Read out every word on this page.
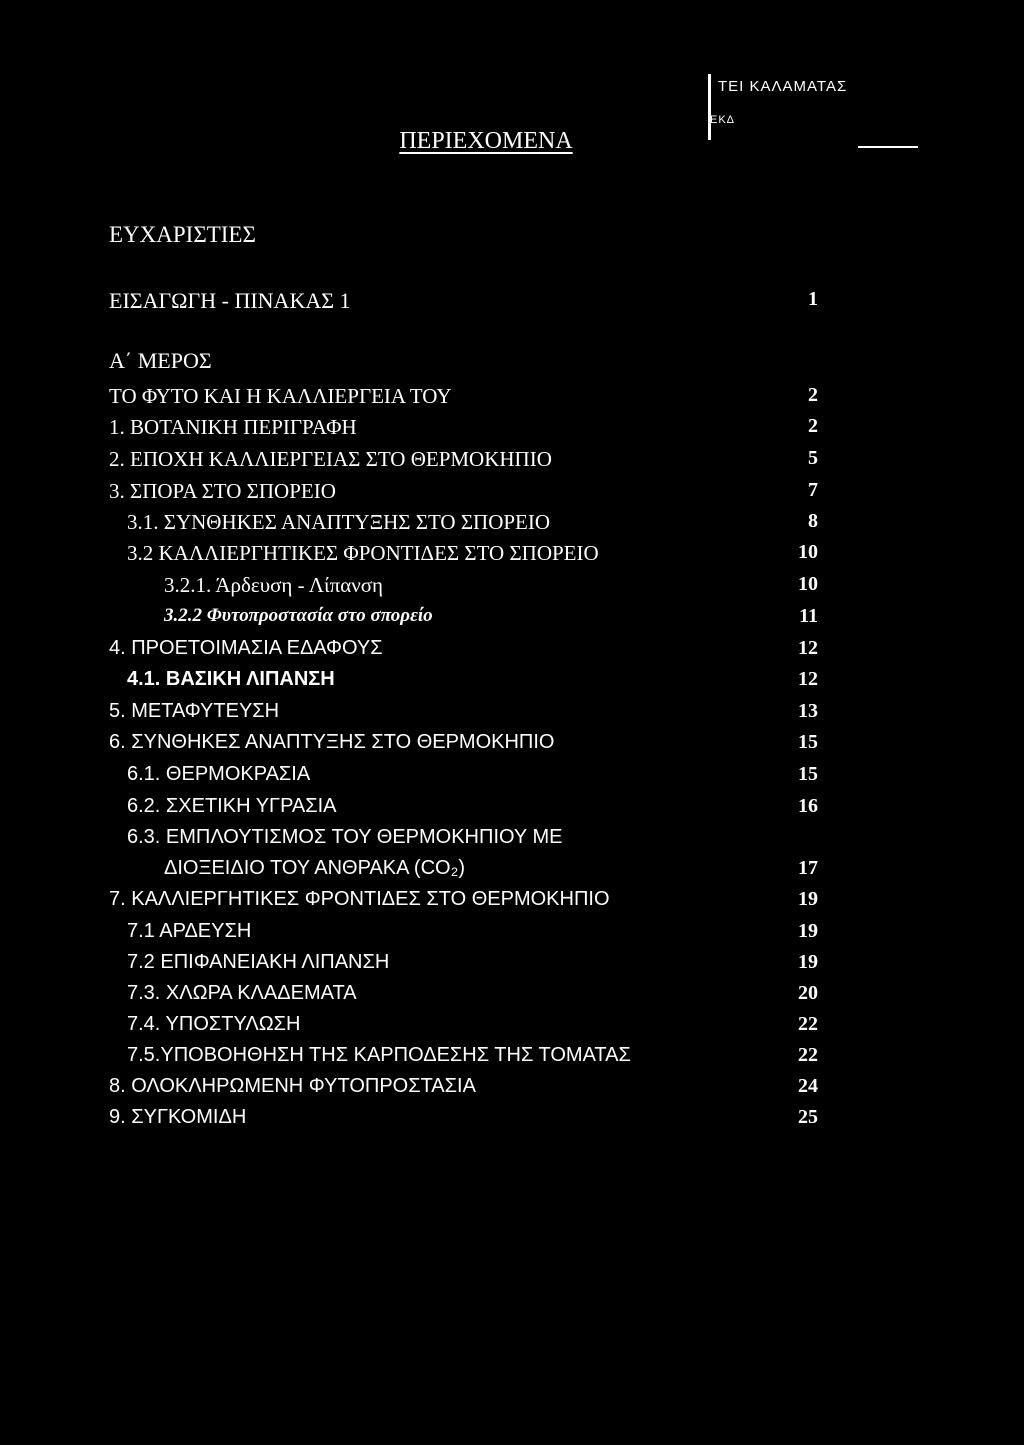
ΤΕΙ ΚΑΛΑΜΑΤΑΣ
ΕΚΔ
ΠΕΡΙΕΧΟΜΕΝΑ
ΕΥΧΑΡΙΣΤΙΕΣ
ΕΙΣΑΓΩΓΗ - ΠΙΝΑΚΑΣ 1	1
Α΄ ΜΕΡΟΣ
ΤΟ ΦΥΤΟ ΚΑΙ Η ΚΑΛΛΙΕΡΓΕΙΑ ΤΟΥ	2
1. ΒΟΤΑΝΙΚΗ ΠΕΡΙΓΡΑΦΗ	2
2. ΕΠΟΧΗ ΚΑΛΛΙΕΡΓΕΙΑΣ ΣΤΟ ΘΕΡΜΟΚΗΠΙΟ	5
3. ΣΠΟΡΑ ΣΤΟ ΣΠΟΡΕΙΟ	7
3.1. ΣΥΝΘΗΚΕΣ ΑΝΑΠΤΥΞΗΣ ΣΤΟ ΣΠΟΡΕΙΟ	8
3.2 ΚΑΛΛΙΕΡΓΗΤΙΚΕΣ ΦΡΟΝΤΙΔΕΣ ΣΤΟ ΣΠΟΡΕΙΟ	10
3.2.1. Άρδευση - Λίπανση	10
3.2.2 Φυτοπροστασία στο σπορείο	11
4. ΠΡΟΕΤΟΙΜΑΣΙΑ ΕΔΑΦΟΥΣ	12
4.1. ΒΑΣΙΚΗ ΛΙΠΑΝΣΗ	12
5. ΜΕΤΑΦΥΤΕΥΣΗ	13
6. ΣΥΝΘΗΚΕΣ ΑΝΑΠΤΥΞΗΣ ΣΤΟ ΘΕΡΜΟΚΗΠΙΟ	15
6.1. ΘΕΡΜΟΚΡΑΣΙΑ	15
6.2. ΣΧΕΤΙΚΗ ΥΓΡΑΣΙΑ	16
6.3. ΕΜΠΛΟΥΤΙΣΜΟΣ ΤΟΥ ΘΕΡΜΟΚΗΠΙΟΥ ΜΕ
ΔΙΟΞΕΙΔΙΟ ΤΟΥ ΑΝΘΡΑΚΑ (CO₂)	17
7. ΚΑΛΛΙΕΡΓΗΤΙΚΕΣ ΦΡΟΝΤΙΔΕΣ ΣΤΟ ΘΕΡΜΟΚΗΠΙΟ	19
7.1 ΑΡΔΕΥΣΗ	19
7.2 ΕΠΙΦΑΝΕΙΑΚΗ ΛΙΠΑΝΣΗ	19
7.3. ΧΛΩΡΑ ΚΛΑΔΕΜΑΤΑ	20
7.4. ΥΠΟΣΤΥΛΩΣΗ	22
7.5.ΥΠΟΒΟΗΘΗΣΗ ΤΗΣ ΚΑΡΠΟΔΕΣΗΣ ΤΗΣ ΤΟΜΑΤΑΣ	22
8. ΟΛΟΚΛΗΡΩΜΕΝΗ ΦΥΤΟΠΡΟΣΤΑΣΙΑ	24
9. ΣΥΓΚΟΜΙΔΗ	25
